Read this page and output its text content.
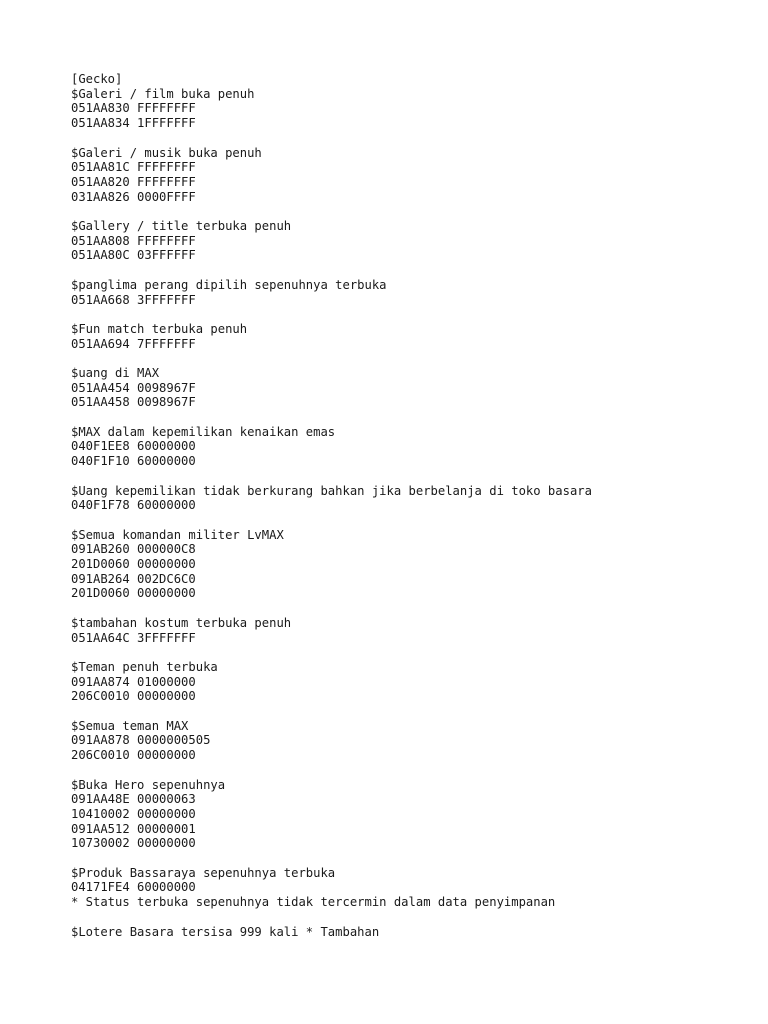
[Gecko]
$Galeri / film buka penuh
051AA830 FFFFFFFF
051AA834 1FFFFFFF
$Galeri / musik buka penuh
051AA81C FFFFFFFF
051AA820 FFFFFFFF
031AA826 0000FFFF
$Gallery / title terbuka penuh
051AA808 FFFFFFFF
051AA80C 03FFFFFF
$panglima perang dipilih sepenuhnya terbuka
051AA668 3FFFFFFF
$Fun match terbuka penuh
051AA694 7FFFFFFF
$uang di MAX
051AA454 0098967F
051AA458 0098967F
$MAX dalam kepemilikan kenaikan emas
040F1EE8 60000000
040F1F10 60000000
$Uang kepemilikan tidak berkurang bahkan jika berbelanja di toko basara
040F1F78 60000000
$Semua komandan militer LvMAX
091AB260 000000C8
201D0060 00000000
091AB264 002DC6C0
201D0060 00000000
$tambahan kostum terbuka penuh
051AA64C 3FFFFFFF
$Teman penuh terbuka
091AA874 01000000
206C0010 00000000
$Semua teman MAX
091AA878 0000000505
206C0010 00000000
$Buka Hero sepenuhnya
091AA48E 00000063
10410002 00000000
091AA512 00000001
10730002 00000000
$Produk Bassaraya sepenuhnya terbuka
04171FE4 60000000
* Status terbuka sepenuhnya tidak tercermin dalam data penyimpanan
$Lotere Basara tersisa 999 kali * Tambahan
